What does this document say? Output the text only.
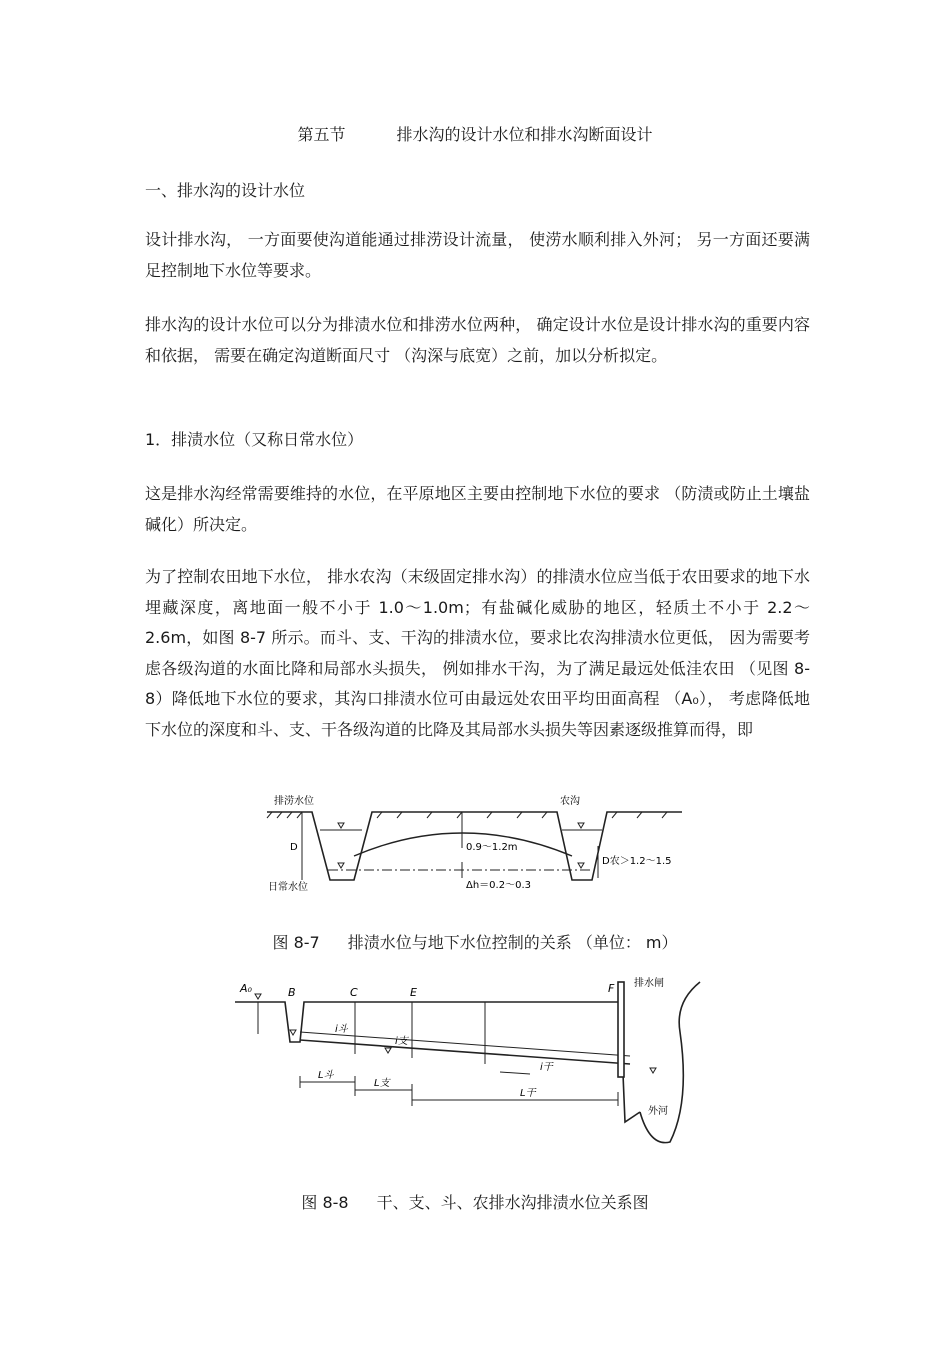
第五节	排水沟的设计水位和排水沟断面设计
一、排水沟的设计水位
设计排水沟， 一方面要使沟道能通过排涝设计流量， 使涝水顺利排入外河； 另一方面还要满足控制地下水位等要求。
排水沟的设计水位可以分为排渍水位和排涝水位两种， 确定设计水位是设计排水沟的重要内容和依据， 需要在确定沟道断面尺寸 （沟深与底宽）之前，加以分析拟定。
1．排渍水位（又称日常水位）
这是排水沟经常需要维持的水位，在平原地区主要由控制地下水位的要求 （防渍或防止土壤盐碱化）所决定。
为了控制农田地下水位， 排水农沟（末级固定排水沟）的排渍水位应当低于农田要求的地下水埋藏深度，离地面一般不小于 1.0～1.0m；有盐碱化威胁的地区，轻质土不小于 2.2～2.6m，如图 8-7 所示。而斗、支、干沟的排渍水位，要求比农沟排渍水位更低， 因为需要考虑各级沟道的水面比降和局部水头损失， 例如排水干沟，为了满足最远处低洼农田 （见图 8-8）降低地下水位的要求，其沟口排渍水位可由最远处农田平均田面高程 （A₀）， 考虑降低地下水位的深度和斗、支、干各级沟道的比降及其局部水头损失等因素逐级推算而得，即
排涝水位
日常水位
农沟
0.9～1.2m
Δh＝0.2～0.3
D
D农＞1.2～1.5
图 8-7 排渍水位与地下水位控制的关系 （单位： m）
A₀	B	C	E	F 排水闸
外河
L斗
L支
L干
i干
i支
i斗
图 8-8 干、支、斗、农排水沟排渍水位关系图
